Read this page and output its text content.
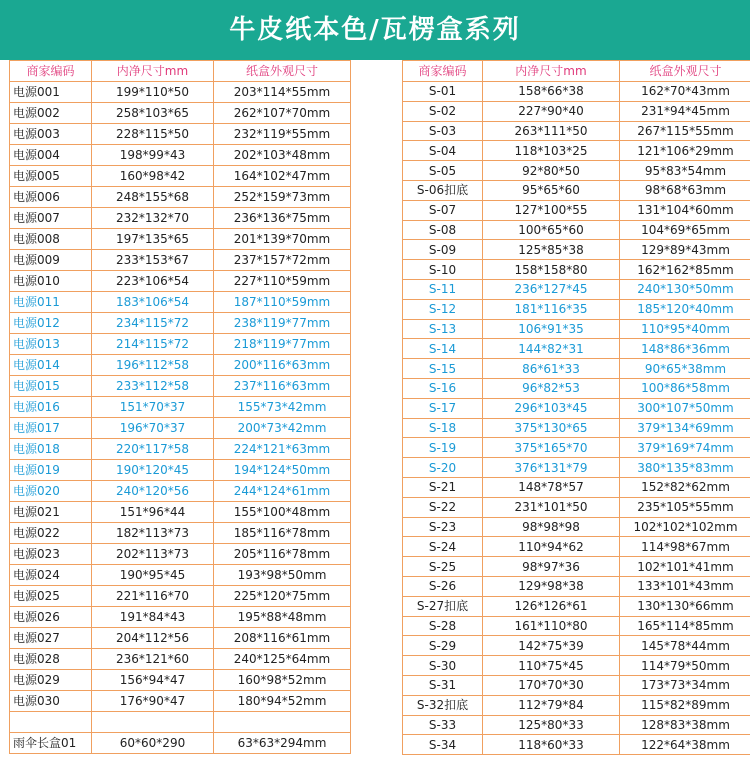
牛皮纸本色/瓦楞盒系列
商家编码	内净尺寸mm	纸盒外观尺寸
电源001	199*110*50	203*114*55mm
电源002	258*103*65	262*107*70mm
电源003	228*115*50	232*119*55mm
电源004	198*99*43	202*103*48mm
电源005	160*98*42	164*102*47mm
电源006	248*155*68	252*159*73mm
电源007	232*132*70	236*136*75mm
电源008	197*135*65	201*139*70mm
电源009	233*153*67	237*157*72mm
电源010	223*106*54	227*110*59mm
电源011	183*106*54	187*110*59mm
电源012	234*115*72	238*119*77mm
电源013	214*115*72	218*119*77mm
电源014	196*112*58	200*116*63mm
电源015	233*112*58	237*116*63mm
电源016	151*70*37	155*73*42mm
电源017	196*70*37	200*73*42mm
电源018	220*117*58	224*121*63mm
电源019	190*120*45	194*124*50mm
电源020	240*120*56	244*124*61mm
电源021	151*96*44	155*100*48mm
电源022	182*113*73	185*116*78mm
电源023	202*113*73	205*116*78mm
电源024	190*95*45	193*98*50mm
电源025	221*116*70	225*120*75mm
电源026	191*84*43	195*88*48mm
电源027	204*112*56	208*116*61mm
电源028	236*121*60	240*125*64mm
电源029	156*94*47	160*98*52mm
电源030	176*90*47	180*94*52mm

雨伞长盒01	60*60*290	63*63*294mm
商家编码	内净尺寸mm	纸盒外观尺寸
S-01	158*66*38	162*70*43mm
S-02	227*90*40	231*94*45mm
S-03	263*111*50	267*115*55mm
S-04	118*103*25	121*106*29mm
S-05	92*80*50	95*83*54mm
S-06扣底	95*65*60	98*68*63mm
S-07	127*100*55	131*104*60mm
S-08	100*65*60	104*69*65mm
S-09	125*85*38	129*89*43mm
S-10	158*158*80	162*162*85mm
S-11	236*127*45	240*130*50mm
S-12	181*116*35	185*120*40mm
S-13	106*91*35	110*95*40mm
S-14	144*82*31	148*86*36mm
S-15	86*61*33	90*65*38mm
S-16	96*82*53	100*86*58mm
S-17	296*103*45	300*107*50mm
S-18	375*130*65	379*134*69mm
S-19	375*165*70	379*169*74mm
S-20	376*131*79	380*135*83mm
S-21	148*78*57	152*82*62mm
S-22	231*101*50	235*105*55mm
S-23	98*98*98	102*102*102mm
S-24	110*94*62	114*98*67mm
S-25	98*97*36	102*101*41mm
S-26	129*98*38	133*101*43mm
S-27扣底	126*126*61	130*130*66mm
S-28	161*110*80	165*114*85mm
S-29	142*75*39	145*78*44mm
S-30	110*75*45	114*79*50mm
S-31	170*70*30	173*73*34mm
S-32扣底	112*79*84	115*82*89mm
S-33	125*80*33	128*83*38mm
S-34	118*60*33	122*64*38mm
